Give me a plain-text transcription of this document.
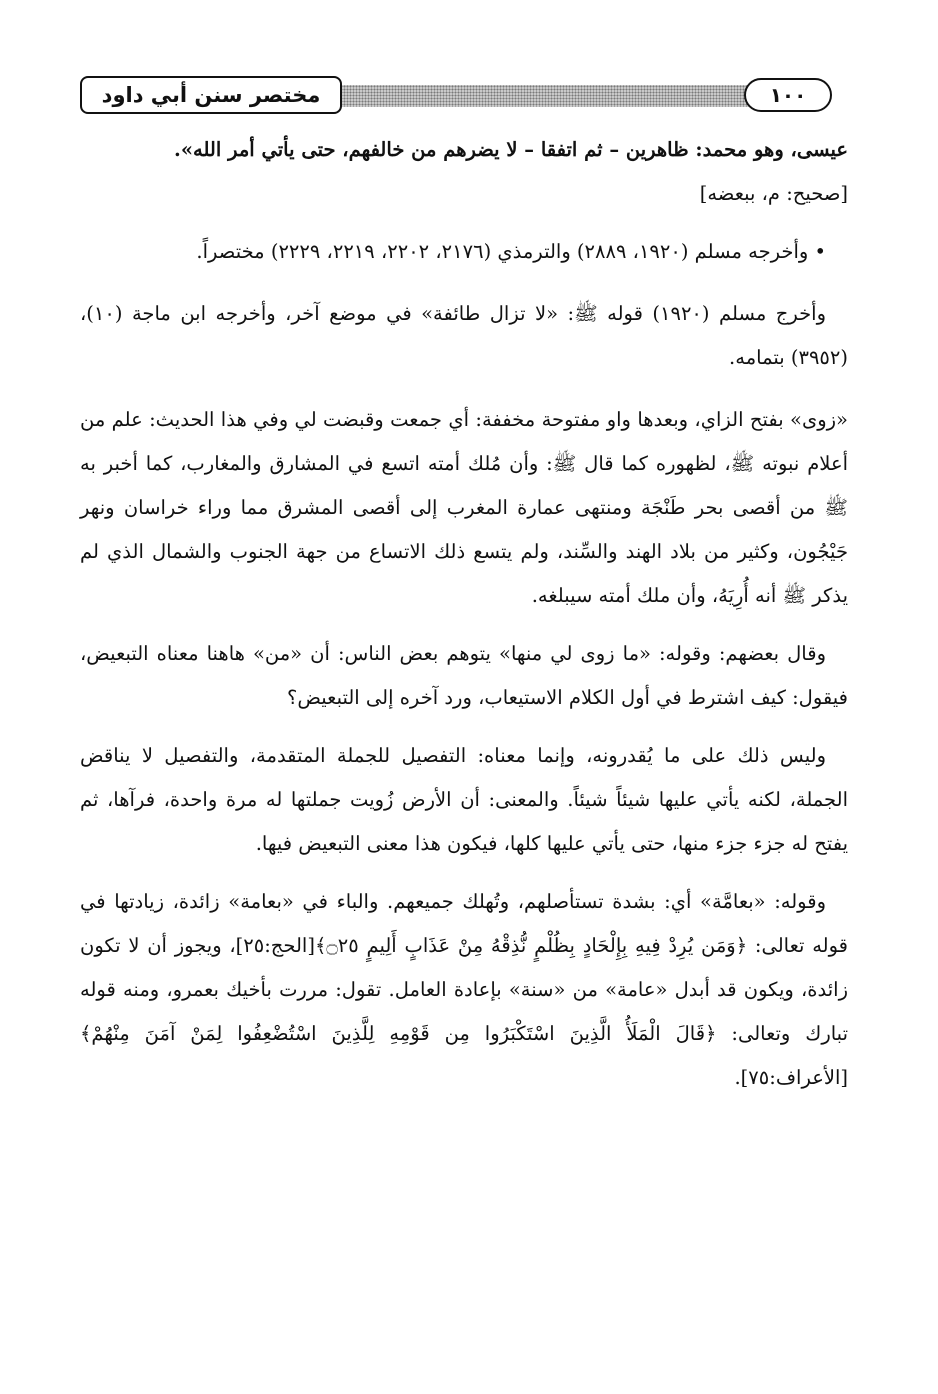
مختصر سنن أبي داود	١٠٠

عيسى، وهو محمد: ظاهرين – ثم اتفقا – لا يضرهم من خالفهم، حتى يأتي أمر الله».

[صحيح: م، ببعضه]

• وأخرجه مسلم (١٩٢٠، ٢٨٨٩) والترمذي (٢١٧٦، ٢٢٠٢، ٢٢١٩، ٢٢٢٩) مختصراً.

وأخرج مسلم (١٩٢٠) قوله ﷺ: «لا تزال طائفة» في موضع آخر، وأخرجه ابن ماجة (١٠)، (٣٩٥٢) بتمامه.

«زوى» بفتح الزاي، وبعدها واو مفتوحة مخففة: أي جمعت وقبضت لي وفي هذا الحديث: علم من أعلام نبوته ﷺ، لظهوره كما قال ﷺ: وأن مُلك أمته اتسع في المشارق والمغارب، كما أخبر به ﷺ من أقصى بحر طَنْجَة ومنتهى عمارة المغرب إلى أقصى المشرق مما وراء خراسان ونهر جَيْجُون، وكثير من بلاد الهند والسِّند، ولم يتسع ذلك الاتساع من جهة الجنوب والشمال الذي لم يذكر ﷺ أنه أُرِيَهُ، وأن ملك أمته سيبلغه.

وقال بعضهم: وقوله: «ما زوى لي منها» يتوهم بعض الناس: أن «من» هاهنا معناه التبعيض، فيقول: كيف اشترط في أول الكلام الاستيعاب، ورد آخره إلى التبعيض؟

وليس ذلك على ما يُقدرونه، وإنما معناه: التفصيل للجملة المتقدمة، والتفصيل لا يناقض الجملة، لكنه يأتي عليها شيئاً شيئاً. والمعنى: أن الأرض زُويت جملتها له مرة واحدة، فرآها، ثم يفتح له جزء جزء منها، حتى يأتي عليها كلها، فيكون هذا معنى التبعيض فيها.

وقوله: «بعامَّة» أي: بشدة تستأصلهم، وتُهلك جميعهم. والباء في «بعامة» زائدة، زيادتها في قوله تعالى: ﴿وَمَن يُرِدْ فِيهِ بِإِلْحَادٍ بِظُلْمٍ نُّذِقْهُ مِنْ عَذَابٍ أَلِيمٍ ۝٢٥﴾[الحج:٢٥]، ويجوز أن لا تكون زائدة، ويكون قد أبدل «عامة» من «سنة» بإعادة العامل. تقول: مررت بأخيك بعمرو، ومنه قوله تبارك وتعالى: ﴿قَالَ الْمَلَأُ الَّذِينَ اسْتَكْبَرُوا مِن قَوْمِهِ لِلَّذِينَ اسْتُضْعِفُوا لِمَنْ آمَنَ مِنْهُمْ﴾[الأعراف:٧٥].
